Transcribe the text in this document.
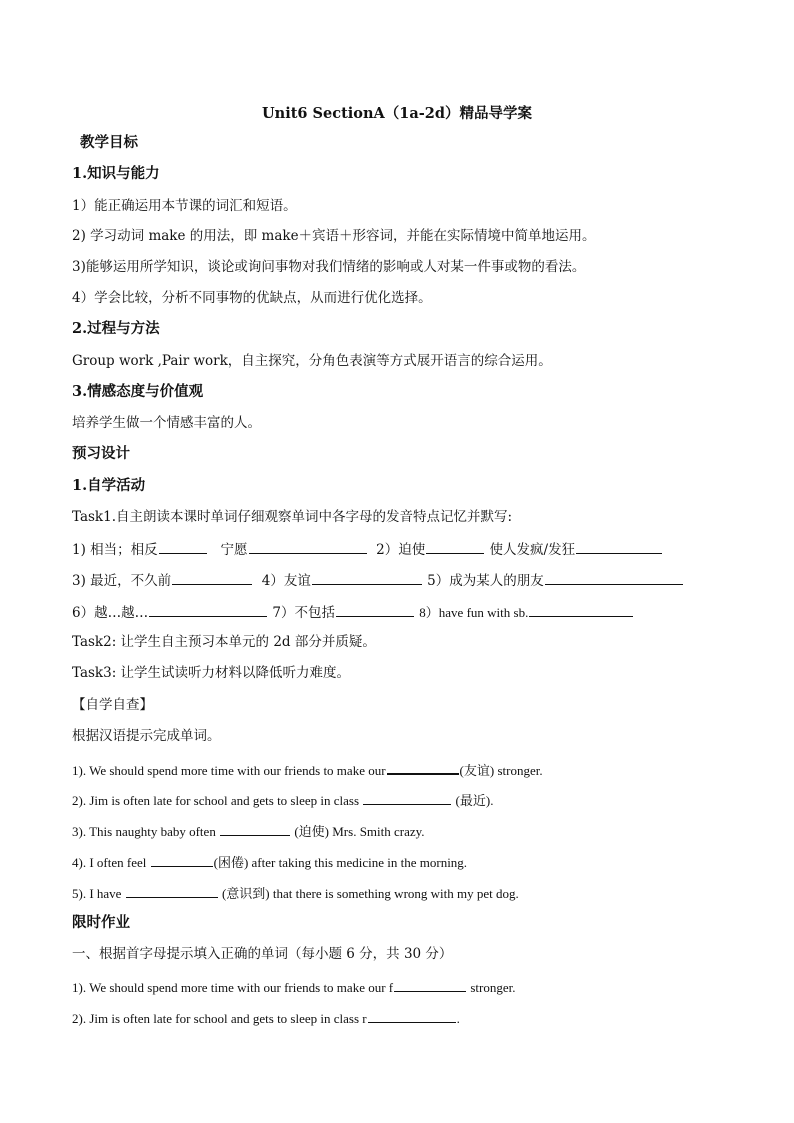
Unit6 SectionA（1a-2d）精品导学案
教学目标
1.知识与能力
1）能正确运用本节课的词汇和短语。
2) 学习动词 make 的用法，即 make＋宾语＋形容词，并能在实际情境中简单地运用。
3)能够运用所学知识，谈论或询问事物对我们情绪的影响或人对某一件事或物的看法。
4）学会比较，分析不同事物的优缺点，从而进行优化选择。
2.过程与方法
Group work ,Pair work，自主探究，分角色表演等方式展开语言的综合运用。
3.情感态度与价值观
培养学生做一个情感丰富的人。
预习设计
1.自学活动
Task1.自主朗读本课时单词仔细观察单词中各字母的发音特点记忆并默写:
1) 相当；相反	宁愿	2）迫使	使人发疯/发狂
3) 最近，不久前	4）友谊	5）成为某人的朋友
6）越…越…	7）不包括	8）have fun with sb.
Task2: 让学生自主预习本单元的 2d 部分并质疑。
Task3: 让学生试读听力材料以降低听力难度。
【自学自查】
根据汉语提示完成单词。
1). We should spend more time with our friends to make our	(友谊) stronger.
2). Jim is often late for school and gets to sleep in class	(最近).
3). This naughty baby often	(迫使) Mrs. Smith crazy.
4). I often feel	(困倦) after taking this medicine in the morning.
5). I have	(意识到) that there is something wrong with my pet dog.
限时作业
一、根据首字母提示填入正确的单词（每小题 6 分，共 30 分）
1). We should spend more time with our friends to make our f	stronger.
2). Jim is often late for school and gets to sleep in class r	.
